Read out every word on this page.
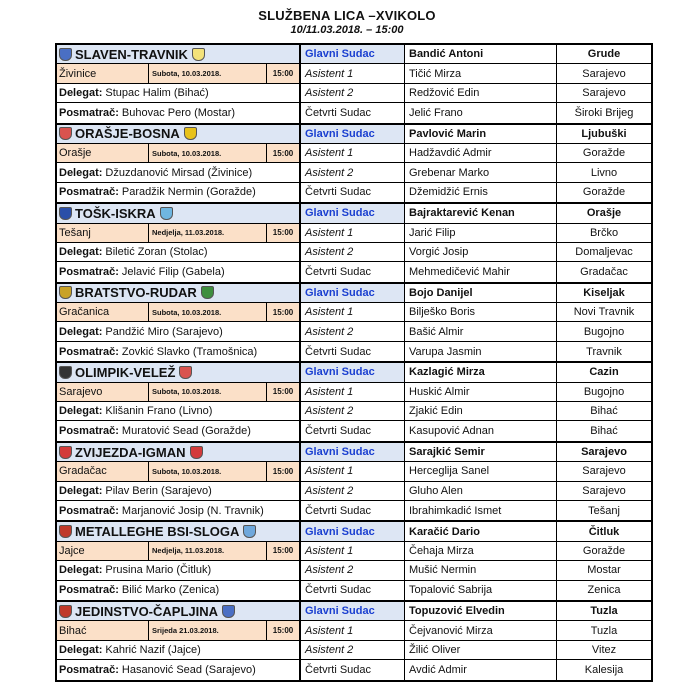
SLUŽBENA LICA –XVIKOLO
10/11.03.2018. – 15:00
SLAVEN-TRAVNIK	Glavni Sudac	Bandić Antoni	Grude
Živinice	Subota, 10.03.2018.	15:00	Asistent 1	Tičić Mirza	Sarajevo
Delegat: Stupac Halim (Bihać)	Asistent 2	Redžović Edin	Sarajevo
Posmatrač: Buhovac Pero (Mostar)	Četvrti Sudac	Jelić Frano	Široki Brijeg
ORAŠJE-BOSNA	Glavni Sudac	Pavlović Marin	Ljubuški
Orašje	Subota, 10.03.2018.	15:00	Asistent 1	Hadžavdić Admir	Goražde
Delegat: Džuzdanović Mirsad (Živinice)	Asistent 2	Grebenar Marko	Livno
Posmatrač: Paradžik Nermin (Goražde)	Četvrti Sudac	Džemidžić Ernis	Goražde
TOŠK-ISKRA	Glavni Sudac	Bajraktarević Kenan	Orašje
Tešanj	Nedjelja, 11.03.2018.	15:00	Asistent 1	Jarić Filip	Brčko
Delegat: Biletić Zoran (Stolac)	Asistent 2	Vorgić Josip	Domaljevac
Posmatrač: Jelavić Filip (Gabela)	Četvrti Sudac	Mehmedičević Mahir	Gradačac
BRATSTVO-RUDAR	Glavni Sudac	Bojo Danijel	Kiseljak
Gračanica	Subota, 10.03.2018.	15:00	Asistent 1	Bilješko Boris	Novi Travnik
Delegat: Pandžić Miro (Sarajevo)	Asistent 2	Bašić Almir	Bugojno
Posmatrač: Zovkić Slavko (Tramošnica)	Četvrti Sudac	Varupa Jasmin	Travnik
OLIMPIK-VELEŽ	Glavni Sudac	Kazlagić Mirza	Cazin
Sarajevo	Subota, 10.03.2018.	15:00	Asistent 1	Huskić Almir	Bugojno
Delegat: Klišanin Frano (Livno)	Asistent 2	Zjakić Edin	Bihać
Posmatrač: Muratović Sead (Goražde)	Četvrti Sudac	Kasupović Adnan	Bihać
ZVIJEZDA-IGMAN	Glavni Sudac	Sarajkić Semir	Sarajevo
Gradačac	Subota, 10.03.2018.	15:00	Asistent 1	Herceglija Sanel	Sarajevo
Delegat: Pilav Berin (Sarajevo)	Asistent 2	Gluho Alen	Sarajevo
Posmatrač: Marjanović Josip (N. Travnik)	Četvrti Sudac	Ibrahimkadić Ismet	Tešanj
METALLEGHE BSI-SLOGA	Glavni Sudac	Karačić Dario	Čitluk
Jajce	Nedjelja, 11.03.2018.	15:00	Asistent 1	Čehaja Mirza	Goražde
Delegat: Prusina Mario (Čitluk)	Asistent 2	Mušić Nermin	Mostar
Posmatrač: Bilić Marko (Zenica)	Četvrti Sudac	Topalović Sabrija	Zenica
JEDINSTVO-ČAPLJINA	Glavni Sudac	Topuzović Elvedin	Tuzla
Bihać	Srijeda 21.03.2018.	15:00	Asistent 1	Čejvanović Mirza	Tuzla
Delegat: Kahrić Nazif (Jajce)	Asistent 2	Žilić Oliver	Vitez
Posmatrač: Hasanović Sead (Sarajevo)	Četvrti Sudac	Avdić Admir	Kalesija
